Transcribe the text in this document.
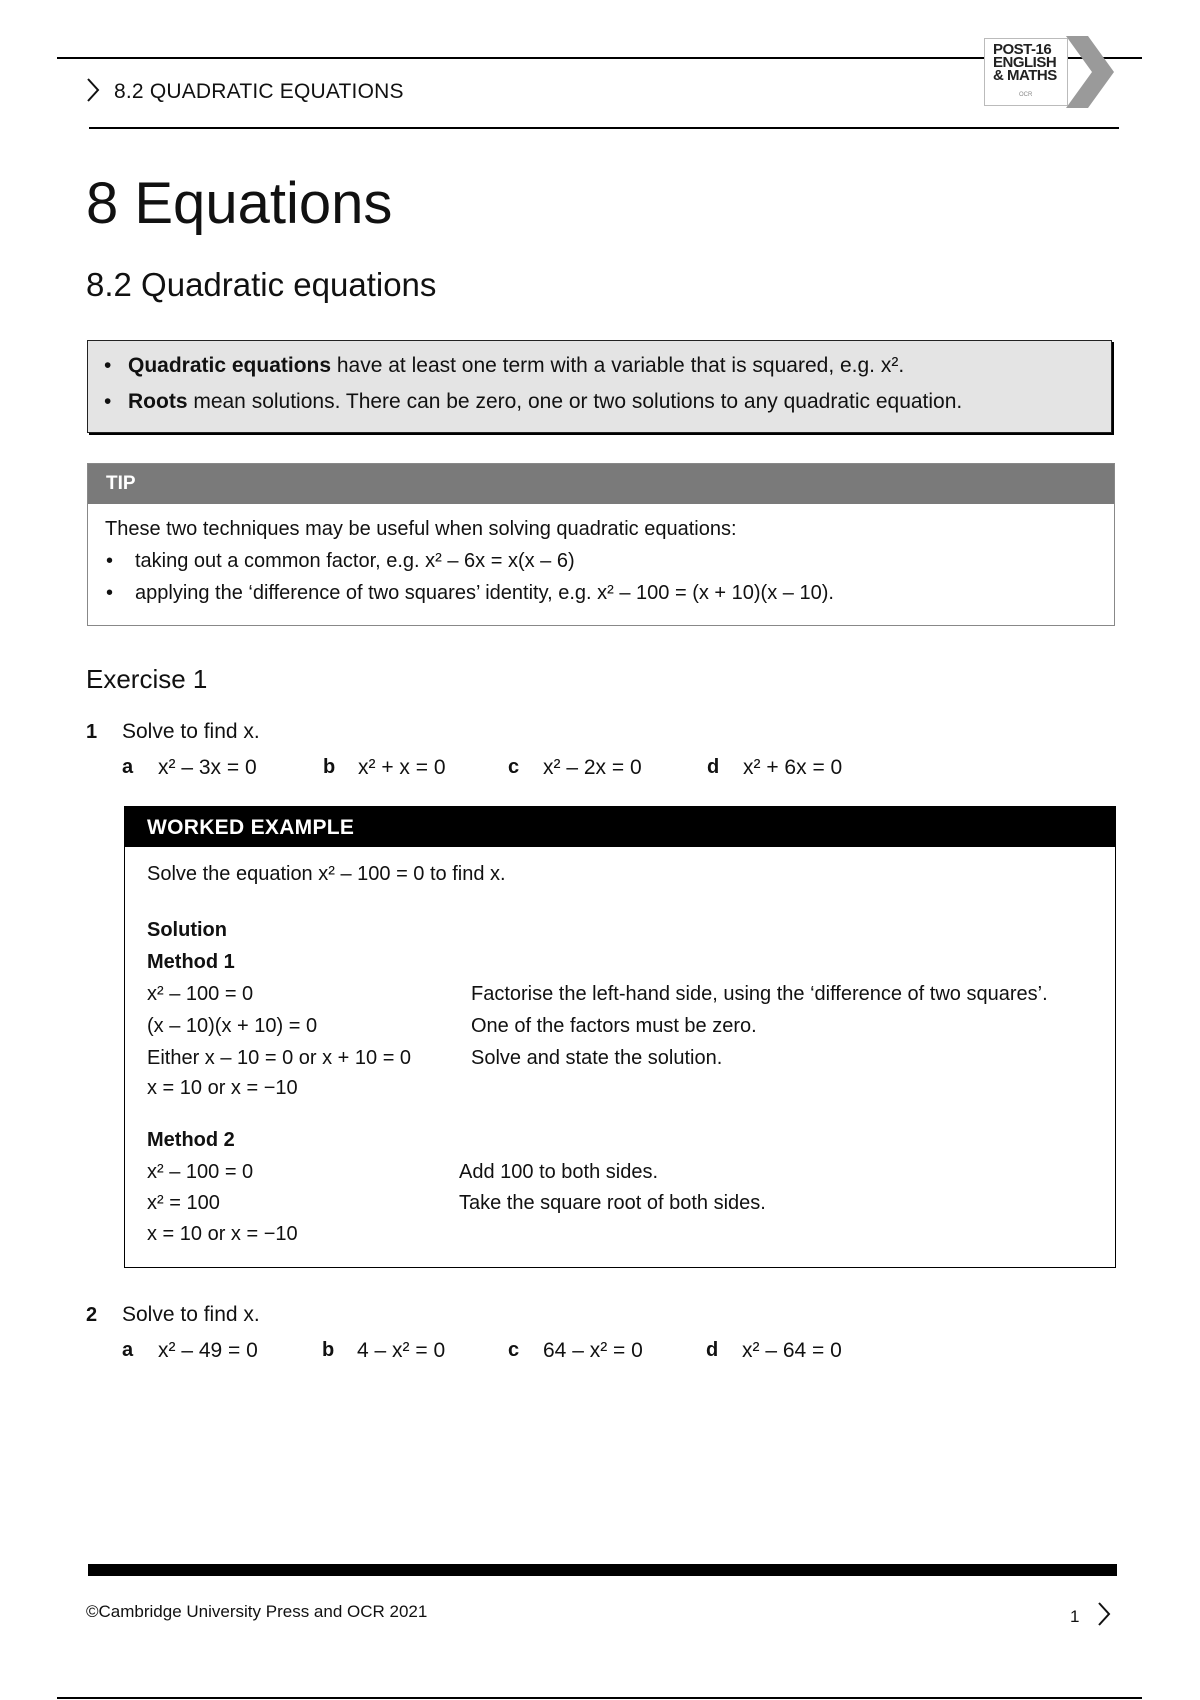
POST-16
ENGLISH
& MATHS
OCR
8.2 QUADRATIC EQUATIONS
8 Equations
8.2 Quadratic equations
• Quadratic equations have at least one term with a variable that is squared, e.g. x².
• Roots mean solutions. There can be zero, one or two solutions to any quadratic equation.
TIP
These two techniques may be useful when solving quadratic equations:
• taking out a common factor, e.g. x² – 6x = x(x – 6)
• applying the ‘difference of two squares’ identity, e.g. x² – 100 = (x + 10)(x – 10).
Exercise 1
1 Solve to find x.
a x² – 3x = 0	b x² + x = 0	c x² – 2x = 0	d x² + 6x = 0
WORKED EXAMPLE
Solve the equation x² – 100 = 0 to find x.
Solution
Method 1
x² – 100 = 0	Factorise the left-hand side, using the ‘difference of two squares’.
(x – 10)(x + 10) = 0	One of the factors must be zero.
Either x – 10 = 0 or x + 10 = 0	Solve and state the solution.
x = 10 or x = −10
Method 2
x² – 100 = 0	Add 100 to both sides.
x² = 100	Take the square root of both sides.
x = 10 or x = −10
2 Solve to find x.
a x² – 49 = 0	b 4 – x² = 0	c 64 – x² = 0	d x² – 64 = 0
©Cambridge University Press and OCR 2021	1
